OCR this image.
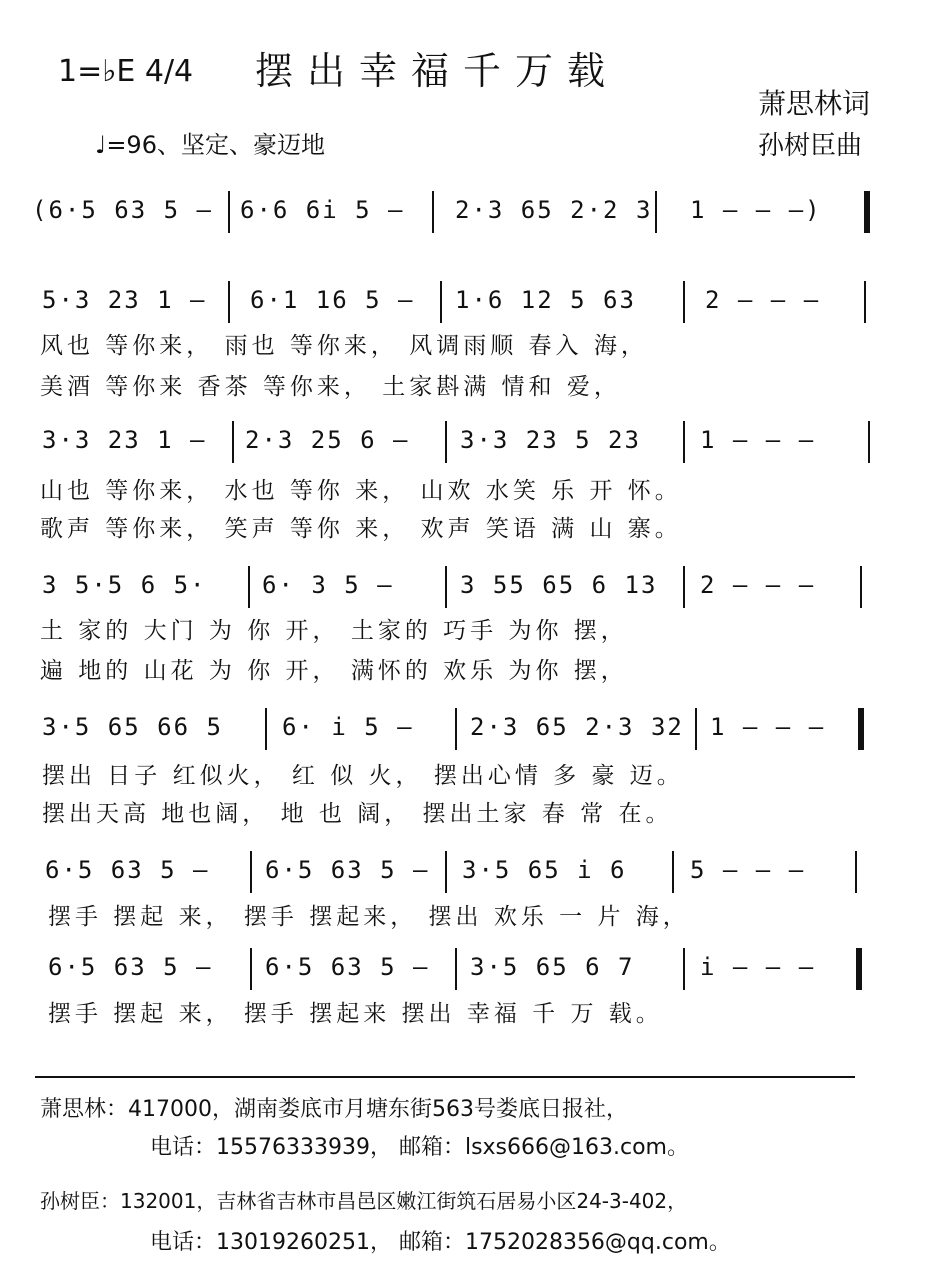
1=♭E 4/4 摆出幸福千万载
♩=96、坚定、豪迈地
萧思林词
孙树臣曲
(6·5 63 5 — 6·6 6i 5 — 2·3 65 2·2 3 1 — — —)
5·3 23 1 — 6·1 16 5 — 1·6 12 5 63	2 — — —
风也 等你来， 雨也 等你来， 风调雨顺 春入 海，
美酒 等你来 香茶 等你来， 土家斟满 情和 爱，
3·3 23 1 — 2·3 25 6 — 3·3 23 5 23 1 — — —
山也 等你来， 水也 等你 来， 山欢 水笑 乐 开 怀。
歌声 等你来， 笑声 等你 来， 欢声 笑语 满 山 寨。
3 5·5 6 5· 6· 3 5 —	3 55 65 6 13 2 — — —
土 家的 大门 为 你 开， 土家的 巧手 为你 摆，
遍 地的 山花 为 你 开， 满怀的 欢乐 为你 摆，
3·5 65 66 5 6· i 5 — 2·3 65 2·3 32 1 — — —
摆出 日子 红似火， 红 似 火， 摆出心情 多 豪 迈。
摆出天高 地也阔， 地 也 阔， 摆出土家 春 常 在。
6·5 63 5 — 6·5 63 5 — 3·5 65 i 6	5 — — —
摆手 摆起 来， 摆手 摆起来， 摆出 欢乐 一 片 海，
6·5 63 5 — 6·5 63 5 — 3·5 65 6 7	i — — —
摆手 摆起 来， 摆手 摆起来 摆出 幸福 千 万 载。
萧思林：417000，湖南娄底市月塘东街563号娄底日报社，
电话：15576333939， 邮箱：lsxs666@163.com。
孙树臣：132001，吉林省吉林市昌邑区嫩江街筑石居易小区24-3-402，
电话：13019260251， 邮箱：1752028356@qq.com。
